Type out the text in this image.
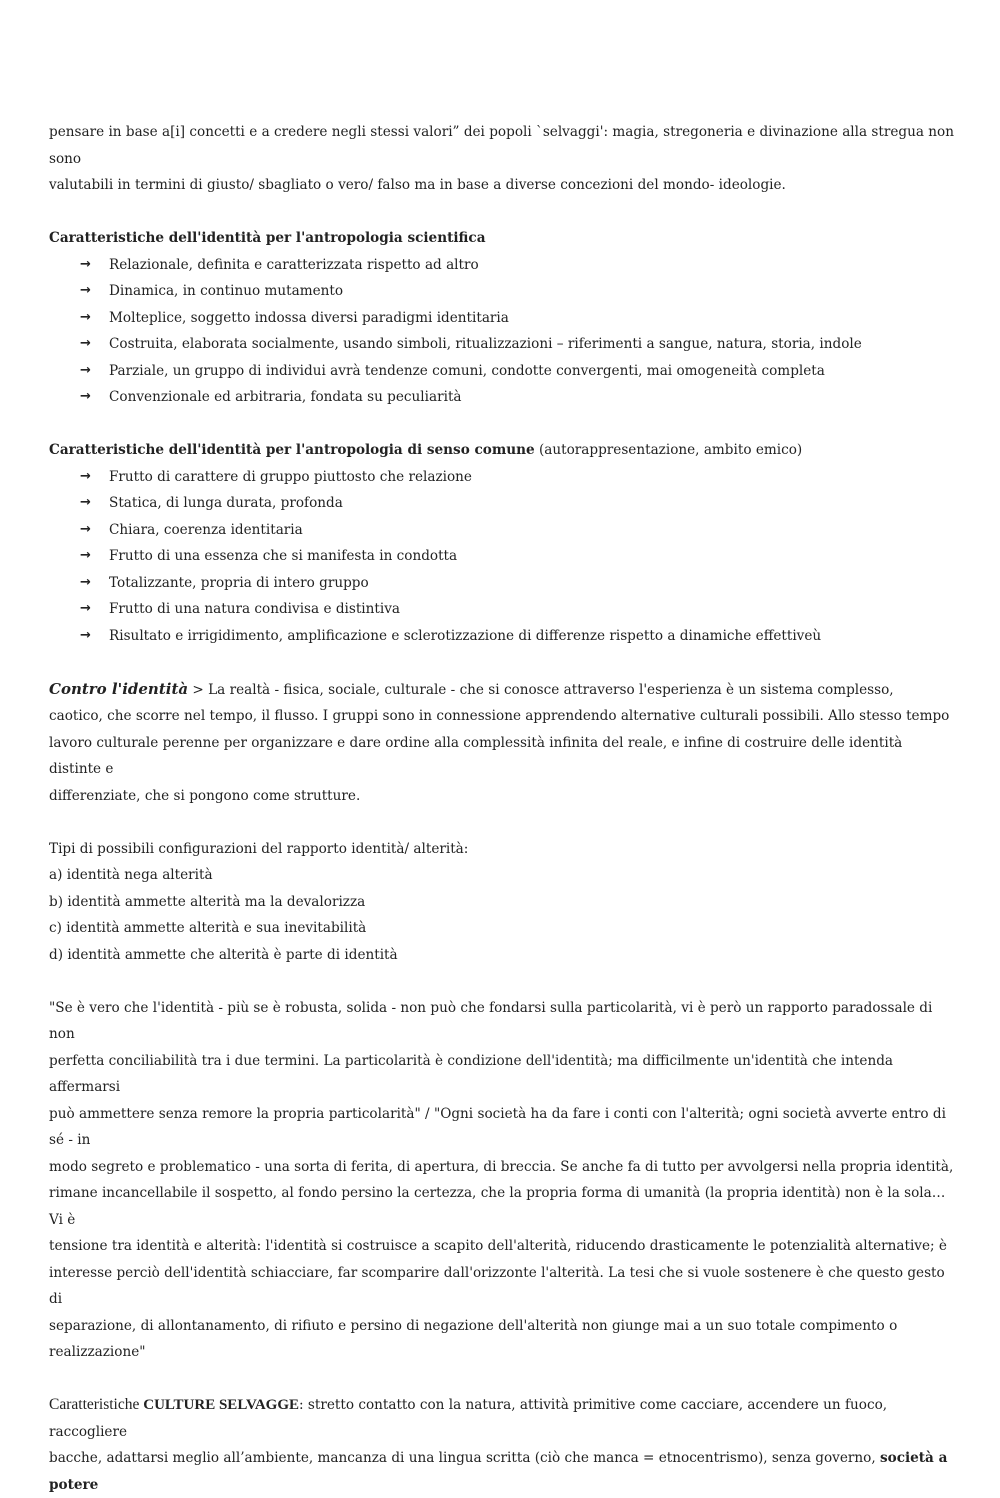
pensare in base a[i] concetti e a credere negli stessi valori” dei popoli `selvaggi': magia, stregoneria e divinazione alla stregua non sono
valutabili in termini di giusto/ sbagliato o vero/ falso ma in base a diverse concezioni del mondo- ideologie.

Caratteristiche dell'identità per l'antropologia scientifica

→ Relazionale, definita e caratterizzata rispetto ad altro
→ Dinamica, in continuo mutamento
→ Molteplice, soggetto indossa diversi paradigmi identitaria
→ Costruita, elaborata socialmente, usando simboli, ritualizzazioni – riferimenti a sangue, natura, storia, indole
→ Parziale, un gruppo di individui avrà tendenze comuni, condotte convergenti, mai omogeneità completa
→ Convenzionale ed arbitraria, fondata su peculiarità

Caratteristiche dell'identità per l'antropologia di senso comune (autorappresentazione, ambito emico)

→ Frutto di carattere di gruppo piuttosto che relazione
→ Statica, di lunga durata, profonda
→ Chiara, coerenza identitaria
→ Frutto di una essenza che si manifesta in condotta
→ Totalizzante, propria di intero gruppo
→ Frutto di una natura condivisa e distintiva
→ Risultato e irrigidimento, amplificazione e sclerotizzazione di differenze rispetto a dinamiche effettiveù

Contro l'identità > La realtà - fisica, sociale, culturale - che si conosce attraverso l'esperienza è un sistema complesso,
caotico, che scorre nel tempo, il flusso. I gruppi sono in connessione apprendendo alternative culturali possibili. Allo stesso tempo
lavoro culturale perenne per organizzare e dare ordine alla complessità infinita del reale, e infine di costruire delle identità distinte e
differenziate, che si pongono come strutture.

Tipi di possibili configurazioni del rapporto identità/ alterità:
a) identità nega alterità
b) identità ammette alterità ma la devalorizza
c) identità ammette alterità e sua inevitabilità
d) identità ammette che alterità è parte di identità

"Se è vero che l'identità - più se è robusta, solida - non può che fondarsi sulla particolarità, vi è però un rapporto paradossale di non
perfetta conciliabilità tra i due termini. La particolarità è condizione dell'identità; ma difficilmente un'identità che intenda affermarsi
può ammettere senza remore la propria particolarità" / "Ogni società ha da fare i conti con l'alterità; ogni società avverte entro di sé - in
modo segreto e problematico - una sorta di ferita, di apertura, di breccia. Se anche fa di tutto per avvolgersi nella propria identità,
rimane incancellabile il sospetto, al fondo persino la certezza, che la propria forma di umanità (la propria identità) non è la sola… Vi è
tensione tra identità e alterità: l'identità si costruisce a scapito dell'alterità, riducendo drasticamente le potenzialità alternative; è
interesse perciò dell'identità schiacciare, far scomparire dall'orizzonte l'alterità. La tesi che si vuole sostenere è che questo gesto di
separazione, di allontanamento, di rifiuto e persino di negazione dell'alterità non giunge mai a un suo totale compimento o
realizzazione"

Caratteristiche CULTURE SELVAGGE: stretto contatto con la natura, attività primitive come cacciare, accendere un fuoco, raccogliere
bacche, adattarsi meglio all’ambiente, mancanza di una lingua scritta (ciò che manca = etnocentrismo), senza governo, società a potere
